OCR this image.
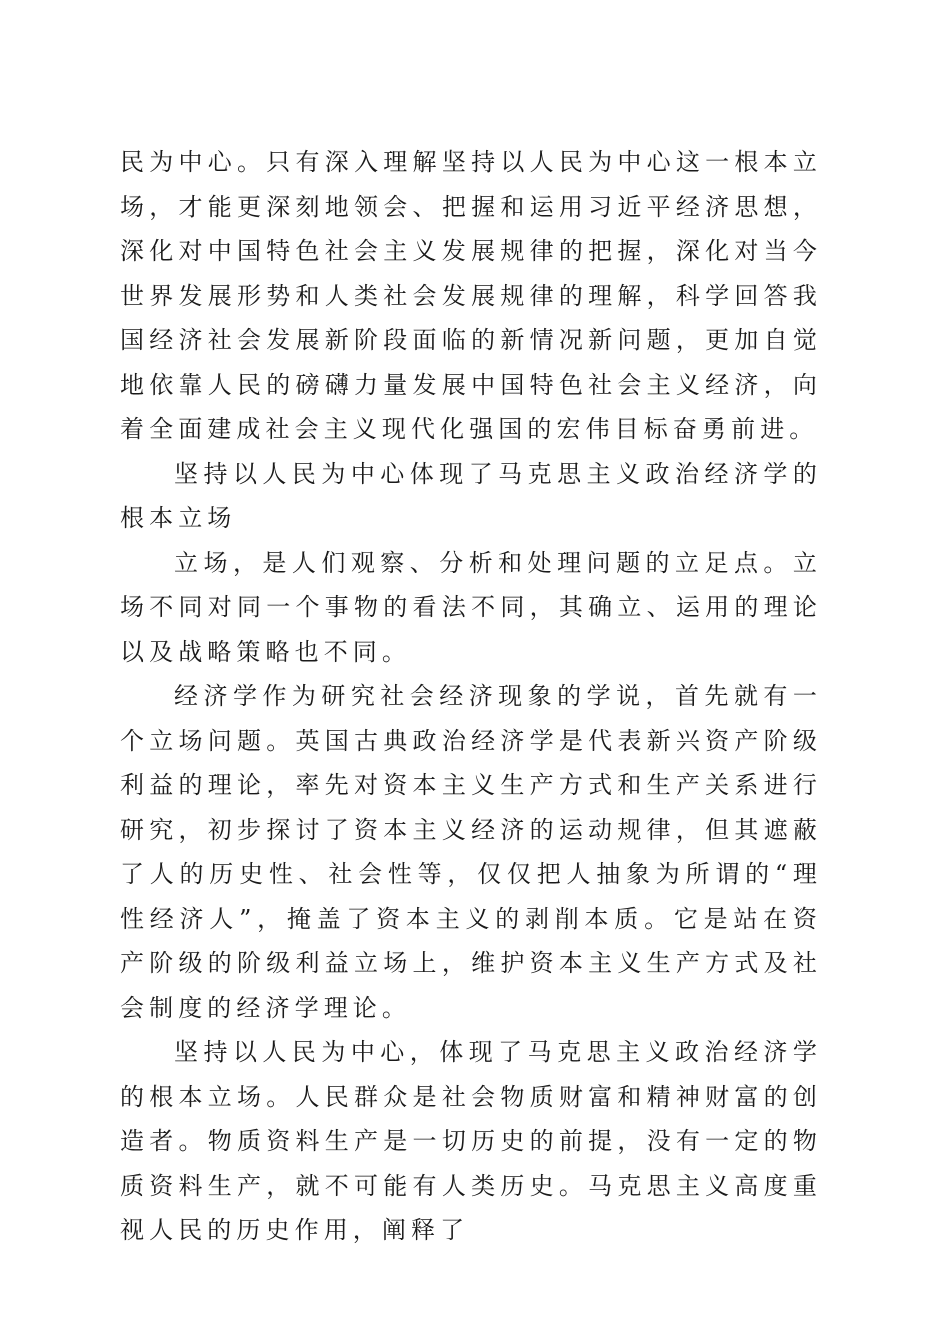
民为中心。只有深入理解坚持以人民为中心这一根本立场，才能更深刻地领会、把握和运用习近平经济思想，深化对中国特色社会主义发展规律的把握，深化对当今世界发展形势和人类社会发展规律的理解，科学回答我国经济社会发展新阶段面临的新情况新问题，更加自觉地依靠人民的磅礴力量发展中国特色社会主义经济，向着全面建成社会主义现代化强国的宏伟目标奋勇前进。

坚持以人民为中心体现了马克思主义政治经济学的根本立场

立场，是人们观察、分析和处理问题的立足点。立场不同对同一个事物的看法不同，其确立、运用的理论以及战略策略也不同。

经济学作为研究社会经济现象的学说，首先就有一个立场问题。英国古典政治经济学是代表新兴资产阶级利益的理论，率先对资本主义生产方式和生产关系进行研究，初步探讨了资本主义经济的运动规律，但其遮蔽了人的历史性、社会性等，仅仅把人抽象为所谓的“理性经济人”，掩盖了资本主义的剥削本质。它是站在资产阶级的阶级利益立场上，维护资本主义生产方式及社会制度的经济学理论。

坚持以人民为中心，体现了马克思主义政治经济学的根本立场。人民群众是社会物质财富和精神财富的创造者。物质资料生产是一切历史的前提，没有一定的物质资料生产，就不可能有人类历史。马克思主义高度重视人民的历史作用，阐释了
